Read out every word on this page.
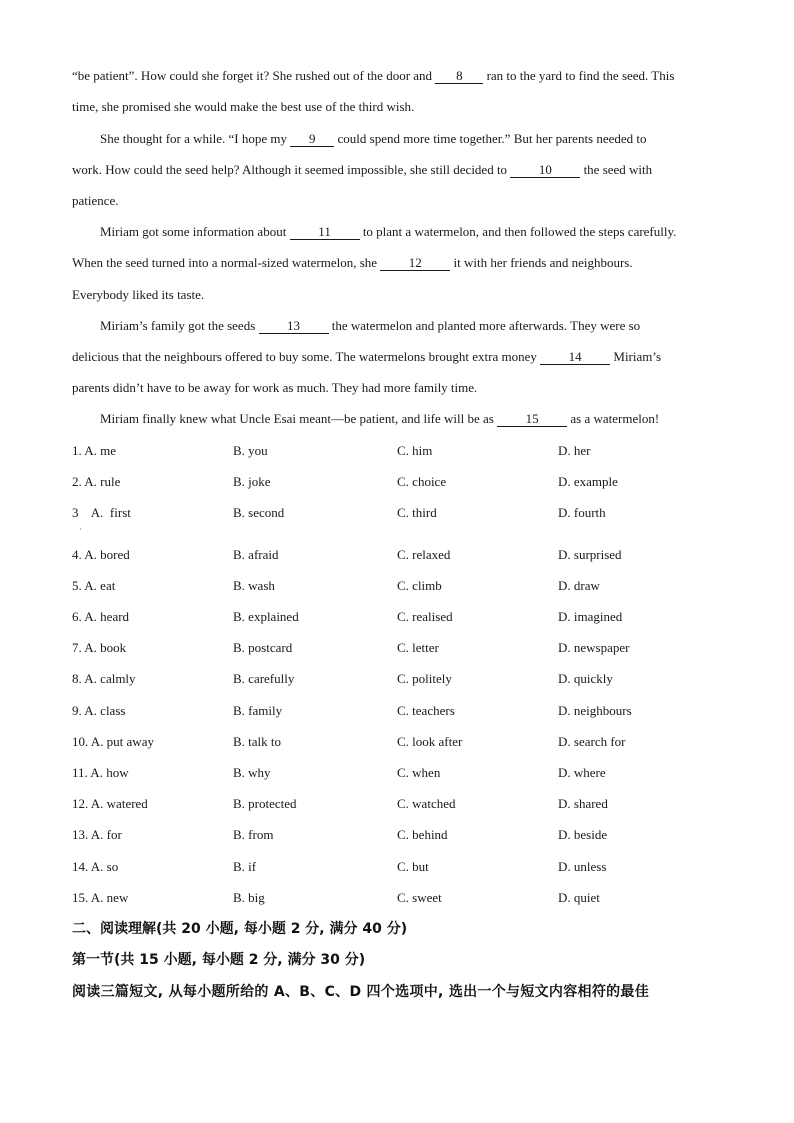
“be patient”. How could she forget it? She rushed out of the door and 8 ran to the yard to find the seed. This
time, she promised she would make the best use of the third wish.
She thought for a while. “I hope my 9 could spend more time together.” But her parents needed to
work. How could the seed help? Although it seemed impossible, she still decided to 10 the seed with
patience.
Miriam got some information about 11 to plant a watermelon, and then followed the steps carefully.
When the seed turned into a normal-sized watermelon, she 12 it with her friends and neighbours.
Everybody liked its taste.
Miriam’s family got the seeds 13 the watermelon and planted more afterwards. They were so
delicious that the neighbours offered to buy some. The watermelons brought extra money 14 Miriam’s
parents didn’t have to be away for work as much. They had more family time.
Miriam finally knew what Uncle Esai meant—be patient, and life will be as 15 as a watermelon!
1. A. me	B. you	C. him	D. her
2. A. rule	B. joke	C. choice	D. example
3    A.  first	B. second	C. third	D. fourth
·
4. A. bored	B. afraid	C. relaxed	D. surprised
5. A. eat	B. wash	C. climb	D. draw
6. A. heard	B. explained	C. realised	D. imagined
7. A. book	B. postcard	C. letter	D. newspaper
8. A. calmly	B. carefully	C. politely	D. quickly
9. A. class	B. family	C. teachers	D. neighbours
10. A. put away	B. talk to	C. look after	D. search for
11. A. how	B. why	C. when	D. where
12. A. watered	B. protected	C. watched	D. shared
13. A. for	B. from	C. behind	D. beside
14. A. so	B. if	C. but	D. unless
15. A. new	B. big	C. sweet	D. quiet
二、阅读理解(共 20 小题, 每小题 2 分, 满分 40 分)
第一节(共 15 小题, 每小题 2 分, 满分 30 分)
阅读三篇短文, 从每小题所给的 A、B、C、D 四个选项中, 选出一个与短文内容相符的最佳
